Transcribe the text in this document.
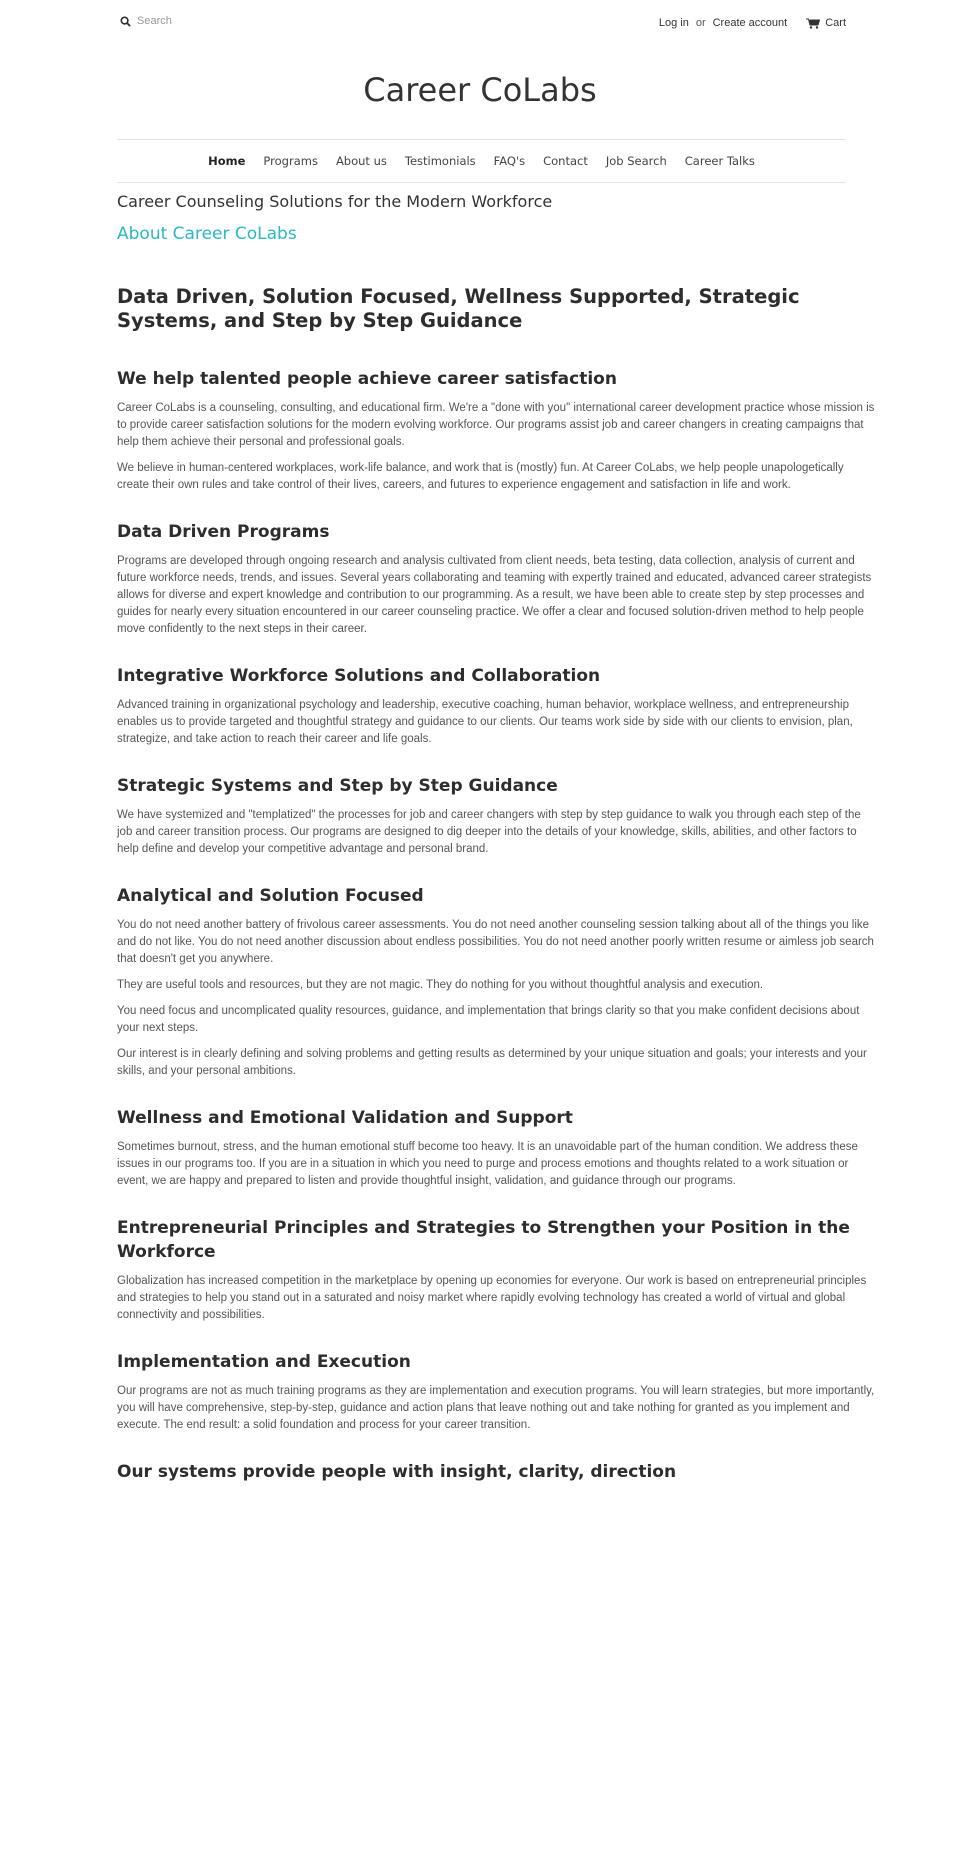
Search	Log in or Create account	Cart
Career CoLabs
Home Programs About us Testimonials FAQ's Contact Job Search Career Talks
Career Counseling Solutions for the Modern Workforce
About Career CoLabs
Data Driven, Solution Focused, Wellness Supported, Strategic Systems, and Step by Step Guidance
We help talented people achieve career satisfaction

Career CoLabs is a counseling, consulting, and educational firm. We're a "done with you" international career development practice whose mission is to provide career satisfaction solutions for the modern evolving workforce. Our programs assist job and career changers in creating campaigns that help them achieve their personal and professional goals.

We believe in human-centered workplaces, work-life balance, and work that is (mostly) fun. At Career CoLabs, we help people unapologetically create their own rules and take control of their lives, careers, and futures to experience engagement and satisfaction in life and work.

Data Driven Programs

Programs are developed through ongoing research and analysis cultivated from client needs, beta testing, data collection, analysis of current and future workforce needs, trends, and issues. Several years collaborating and teaming with expertly trained and educated, advanced career strategists allows for diverse and expert knowledge and contribution to our programming. As a result, we have been able to create step by step processes and guides for nearly every situation encountered in our career counseling practice. We offer a clear and focused solution-driven method to help people move confidently to the next steps in their career.

Integrative Workforce Solutions and Collaboration

Advanced training in organizational psychology and leadership, executive coaching, human behavior, workplace wellness, and entrepreneurship enables us to provide targeted and thoughtful strategy and guidance to our clients. Our teams work side by side with our clients to envision, plan, strategize, and take action to reach their career and life goals.

Strategic Systems and Step by Step Guidance

We have systemized and "templatized" the processes for job and career changers with step by step guidance to walk you through each step of the job and career transition process. Our programs are designed to dig deeper into the details of your knowledge, skills, abilities, and other factors to help define and develop your competitive advantage and personal brand.

Analytical and Solution Focused

You do not need another battery of frivolous career assessments. You do not need another counseling session talking about all of the things you like and do not like. You do not need another discussion about endless possibilities. You do not need another poorly written resume or aimless job search that doesn't get you anywhere.

They are useful tools and resources, but they are not magic. They do nothing for you without thoughtful analysis and execution.

You need focus and uncomplicated quality resources, guidance, and implementation that brings clarity so that you make confident decisions about your next steps.

Our interest is in clearly defining and solving problems and getting results as determined by your unique situation and goals; your interests and your skills, and your personal ambitions.

Wellness and Emotional Validation and Support

Sometimes burnout, stress, and the human emotional stuff become too heavy. It is an unavoidable part of the human condition. We address these issues in our programs too. If you are in a situation in which you need to purge and process emotions and thoughts related to a work situation or event, we are happy and prepared to listen and provide thoughtful insight, validation, and guidance through our programs.

Entrepreneurial Principles and Strategies to Strengthen your Position in the Workforce

Globalization has increased competition in the marketplace by opening up economies for everyone. Our work is based on entrepreneurial principles and strategies to help you stand out in a saturated and noisy market where rapidly evolving technology has created a world of virtual and global connectivity and possibilities.

Implementation and Execution

Our programs are not as much training programs as they are implementation and execution programs. You will learn strategies, but more importantly, you will have comprehensive, step-by-step, guidance and action plans that leave nothing out and take nothing for granted as you implement and execute. The end result: a solid foundation and process for your career transition.

Our systems provide people with insight, clarity, direction
